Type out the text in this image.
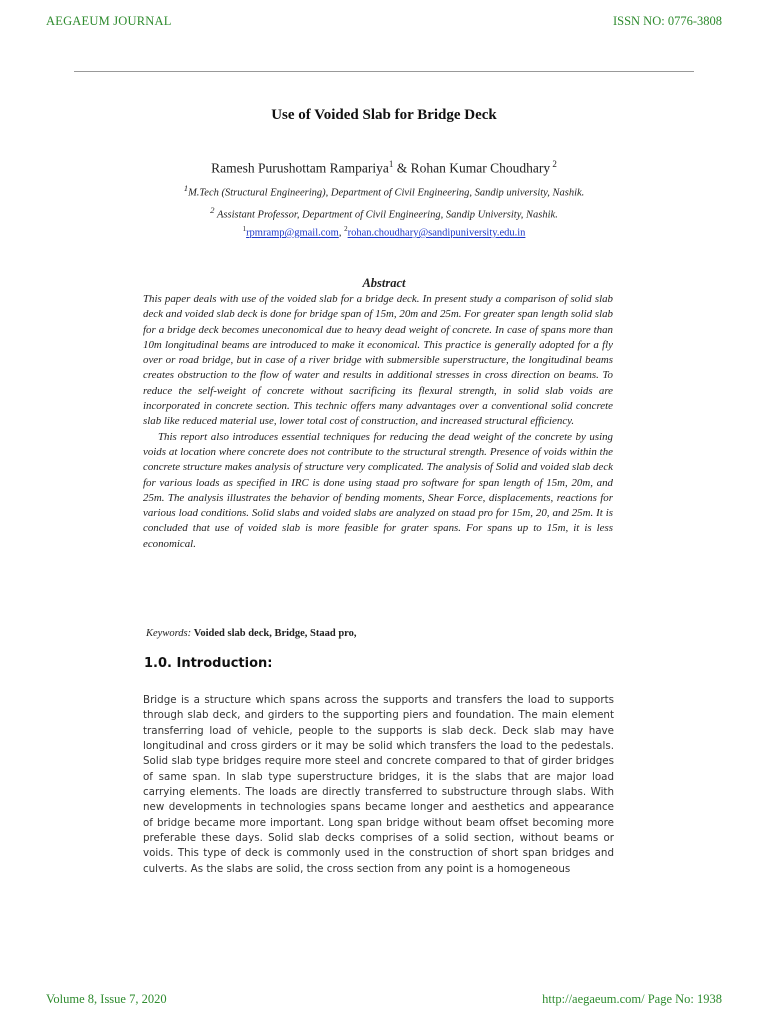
AEGAEUM JOURNAL	ISSN NO: 0776-3808
Use of Voided Slab for Bridge Deck
Ramesh Purushottam Rampariya$^1$ & Rohan Kumar Choudhary $^2$
$^1$M.Tech (Structural Engineering), Department of Civil Engineering, Sandip university, Nashik.
$^2$ Assistant Professor, Department of Civil Engineering, Sandip University, Nashik.
$^1$rpmramp@gmail.com, $^2$rohan.choudhary@sandipuniversity.edu.in
Abstract

This paper deals with use of the voided slab for a bridge deck. In present study a comparison of solid slab deck and voided slab deck is done for bridge span of 15m, 20m and 25m. For greater span length solid slab for a bridge deck becomes uneconomical due to heavy dead weight of concrete. In case of spans more than 10m longitudinal beams are introduced to make it economical. This practice is generally adopted for a fly over or road bridge, but in case of a river bridge with submersible superstructure, the longitudinal beams creates obstruction to the flow of water and results in additional stresses in cross direction on beams. To reduce the self-weight of concrete without sacrificing its flexural strength, in solid slab voids are incorporated in concrete section. This technic offers many advantages over a conventional solid concrete slab like reduced material use, lower total cost of construction, and increased structural efficiency.

This report also introduces essential techniques for reducing the dead weight of the concrete by using voids at location where concrete does not contribute to the structural strength. Presence of voids within the concrete structure makes analysis of structure very complicated. The analysis of Solid and voided slab deck for various loads as specified in IRC is done using staad pro software for span length of 15m, 20m, and 25m. The analysis illustrates the behavior of bending moments, Shear Force, displacements, reactions for various load conditions. Solid slabs and voided slabs are analyzed on staad pro for 15m, 20, and 25m. It is concluded that use of voided slab is more feasible for grater spans. For spans up to 15m, it is less economical.

Keywords: Voided slab deck, Bridge, Staad pro,
1.0. Introduction:

Bridge is a structure which spans across the supports and transfers the load to supports through slab deck, and girders to the supporting piers and foundation. The main element transferring load of vehicle, people to the supports is slab deck. Deck slab may have longitudinal and cross girders or it may be solid which transfers the load to the pedestals. Solid slab type bridges require more steel and concrete compared to that of girder bridges of same span. In slab type superstructure bridges, it is the slabs that are major load carrying elements. The loads are directly transferred to substructure through slabs. With new developments in technologies spans became longer and aesthetics and appearance of bridge became more important. Long span bridge without beam offset becoming more preferable these days. Solid slab decks comprises of a solid section, without beams or voids. This type of deck is commonly used in the construction of short span bridges and culverts. As the slabs are solid, the cross section from any point is a homogeneous

Volume 8, Issue 7, 2020	http://aegaeum.com/ Page No: 1938
